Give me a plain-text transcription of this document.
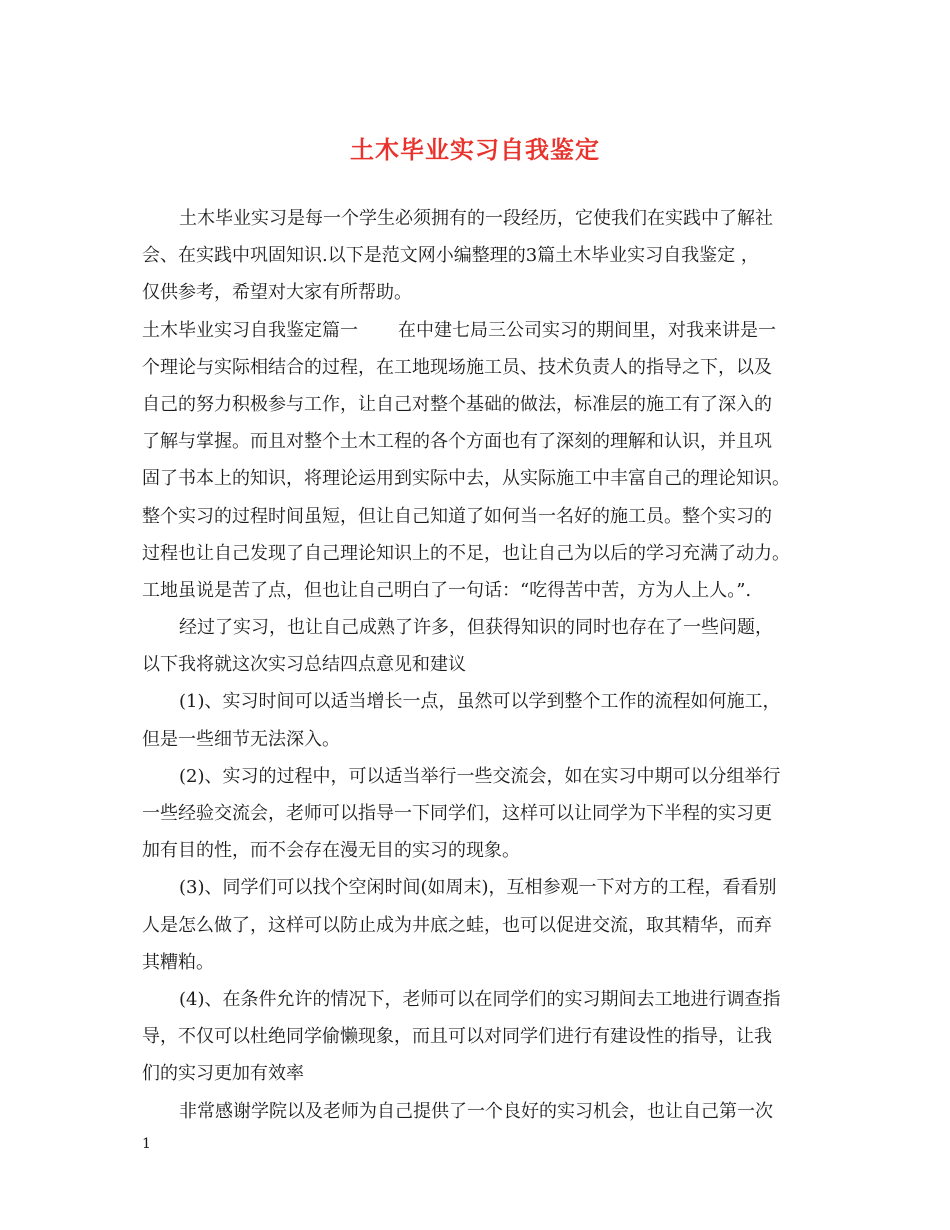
土木毕业实习自我鉴定
土木毕业实习是每一个学生必须拥有的一段经历，它使我们在实践中了解社
会、在实践中巩固知识.以下是范文网小编整理的3篇土木毕业实习自我鉴定 ，
仅供参考，希望对大家有所帮助。
土木毕业实习自我鉴定篇一 在中建七局三公司实习的期间里，对我来讲是一
个理论与实际相结合的过程，在工地现场施工员、技术负责人的指导之下，以及
自己的努力积极参与工作，让自己对整个基础的做法，标准层的施工有了深入的
了解与掌握。而且对整个土木工程的各个方面也有了深刻的理解和认识，并且巩
固了书本上的知识，将理论运用到实际中去，从实际施工中丰富自己的理论知识。
整个实习的过程时间虽短，但让自己知道了如何当一名好的施工员。整个实习的
过程也让自己发现了自己理论知识上的不足，也让自己为以后的学习充满了动力。
工地虽说是苦了点，但也让自己明白了一句话：“吃得苦中苦，方为人上人。”.
经过了实习，也让自己成熟了许多，但获得知识的同时也存在了一些问题，
以下我将就这次实习总结四点意见和建议
(1)、实习时间可以适当增长一点，虽然可以学到整个工作的流程如何施工，
但是一些细节无法深入。
(2)、实习的过程中，可以适当举行一些交流会，如在实习中期可以分组举行
一些经验交流会，老师可以指导一下同学们，这样可以让同学为下半程的实习更
加有目的性，而不会存在漫无目的实习的现象。
(3)、同学们可以找个空闲时间(如周末)，互相参观一下对方的工程，看看别
人是怎么做了，这样可以防止成为井底之蛙，也可以促进交流，取其精华，而弃
其糟粕。
(4)、在条件允许的情况下，老师可以在同学们的实习期间去工地进行调查指
导，不仅可以杜绝同学偷懒现象，而且可以对同学们进行有建设性的指导，让我
们的实习更加有效率
非常感谢学院以及老师为自己提供了一个良好的实习机会，也让自己第一次
1
